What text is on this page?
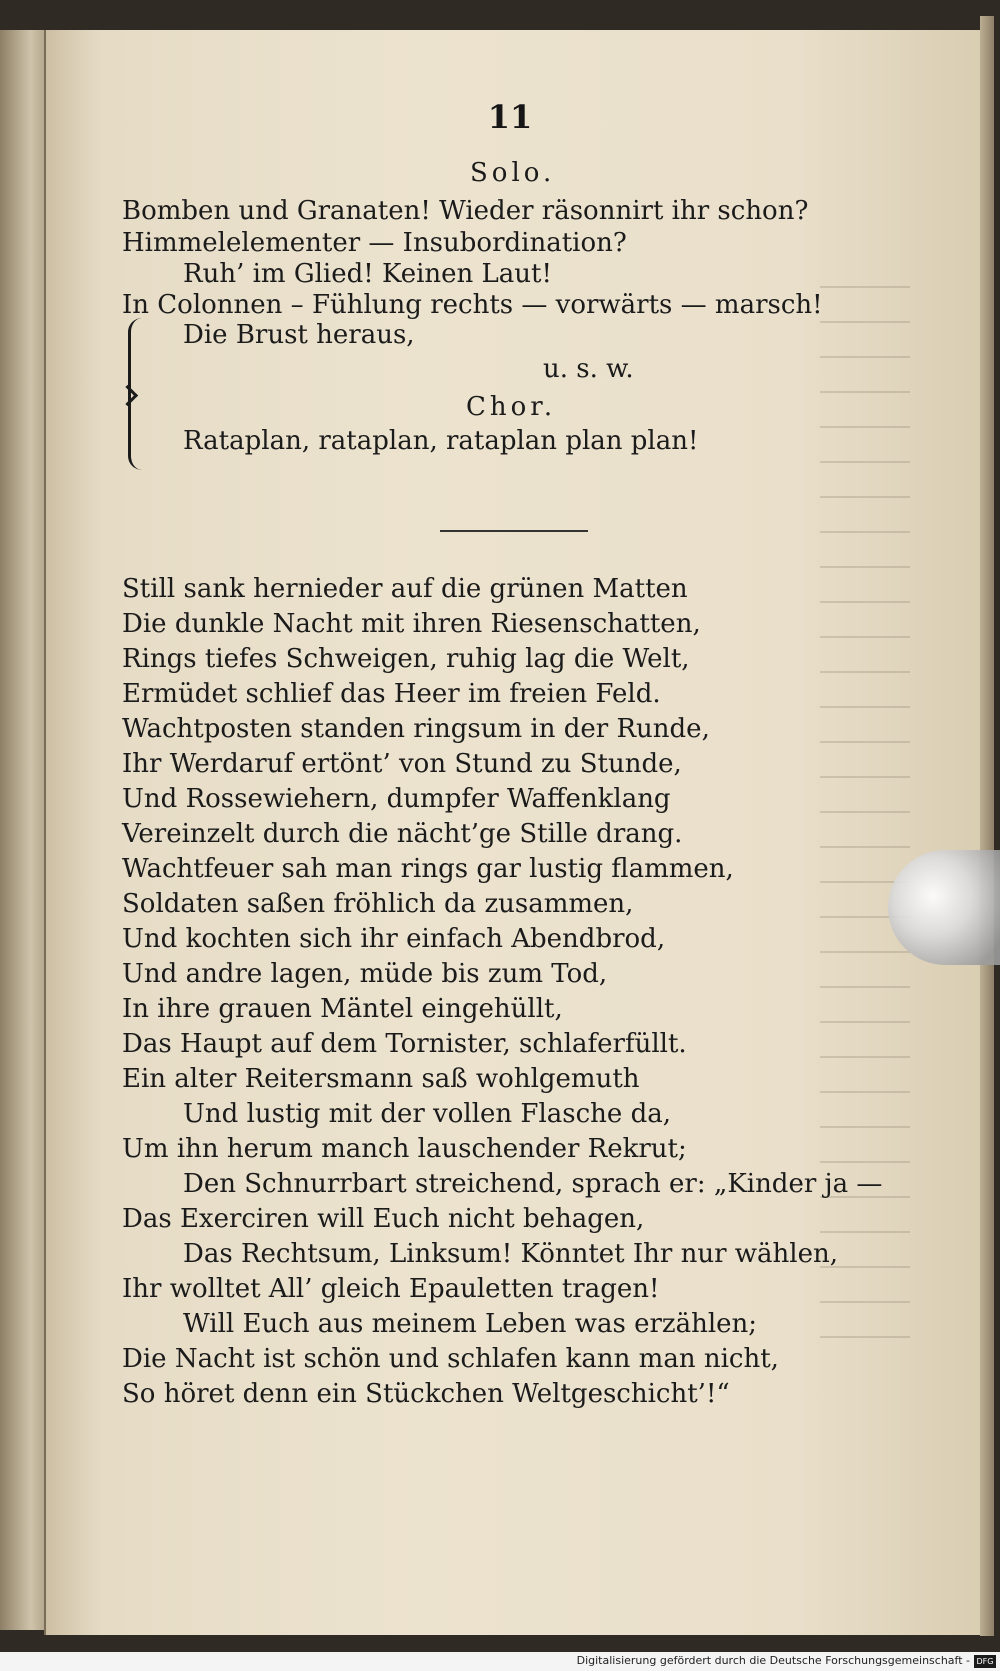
11
Solo.
Bomben und Granaten! Wieder räsonnirt ihr schon?
Himmelelementer — Insubordination?
Ruh’ im Glied! Keinen Laut!
In Colonnen – Fühlung rechts — vorwärts — marsch!
Die Brust heraus,
u. s. w.
Chor.
Rataplan, rataplan, rataplan plan plan!
Still sank hernieder auf die grünen Matten
Die dunkle Nacht mit ihren Riesenschatten,
Rings tiefes Schweigen, ruhig lag die Welt,
Ermüdet schlief das Heer im freien Feld.
Wachtposten standen ringsum in der Runde,
Ihr Werdaruf ertönt’ von Stund zu Stunde,
Und Rossewiehern, dumpfer Waffenklang
Vereinzelt durch die nächt’ge Stille drang.
Wachtfeuer sah man rings gar lustig flammen,
Soldaten saßen fröhlich da zusammen,
Und kochten sich ihr einfach Abendbrod,
Und andre lagen, müde bis zum Tod,
In ihre grauen Mäntel eingehüllt,
Das Haupt auf dem Tornister, schlaferfüllt.
Ein alter Reitersmann saß wohlgemuth
Und lustig mit der vollen Flasche da,
Um ihn herum manch lauschender Rekrut;
Den Schnurrbart streichend, sprach er: „Kinder ja —
Das Exerciren will Euch nicht behagen,
Das Rechtsum, Linksum! Könntet Ihr nur wählen,
Ihr wolltet All’ gleich Epauletten tragen!
Will Euch aus meinem Leben was erzählen;
Die Nacht ist schön und schlafen kann man nicht,
So höret denn ein Stückchen Weltgeschicht’!“
Digitalisierung gefördert durch die Deutsche Forschungsgemeinschaft - DFG
